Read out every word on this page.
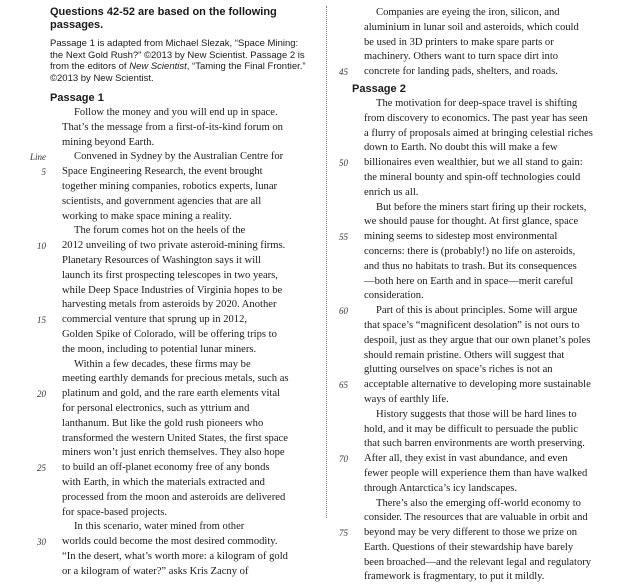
Questions 42-52 are based on the following passages.

Passage 1 is adapted from Michael Slezak, “Space Mining: the Next Gold Rush?” ©2013 by New Scientist. Passage 2 is from the editors of New Scientist, “Taming the Final Frontier.” ©2013 by New Scientist.

Passage 1

Follow the money and you will end up in space.
That’s the message from a first-of-its-kind forum on
mining beyond Earth.
Line	Convened in Sydney by the Australian Centre for
5 Space Engineering Research, the event brought
together mining companies, robotics experts, lunar
scientists, and government agencies that are all
working to make space mining a reality.
The forum comes hot on the heels of the
10 2012 unveiling of two private asteroid-mining firms.
Planetary Resources of Washington says it will
launch its first prospecting telescopes in two years,
while Deep Space Industries of Virginia hopes to be
harvesting metals from asteroids by 2020. Another
15 commercial venture that sprung up in 2012,
Golden Spike of Colorado, will be offering trips to
the moon, including to potential lunar miners.
Within a few decades, these firms may be
meeting earthly demands for precious metals, such as
20 platinum and gold, and the rare earth elements vital
for personal electronics, such as yttrium and
lanthanum. But like the gold rush pioneers who
transformed the western United States, the first space
miners won’t just enrich themselves. They also hope
25 to build an off-planet economy free of any bonds
with Earth, in which the materials extracted and
processed from the moon and asteroids are delivered
for space-based projects.
In this scenario, water mined from other
30 worlds could become the most desired commodity.
“In the desert, what’s worth more: a kilogram of gold
or a kilogram of water?” asks Kris Zacny of
Companies are eyeing the iron, silicon, and
aluminium in lunar soil and asteroids, which could
be used in 3D printers to make spare parts or
machinery. Others want to turn space dirt into
45 concrete for landing pads, shelters, and roads.

Passage 2

The motivation for deep-space travel is shifting
from discovery to economics. The past year has seen
a flurry of proposals aimed at bringing celestial riches
down to Earth. No doubt this will make a few
50 billionaires even wealthier, but we all stand to gain:
the mineral bounty and spin-off technologies could
enrich us all.
But before the miners start firing up their rockets,
we should pause for thought. At first glance, space
55 mining seems to sidestep most environmental
concerns: there is (probably!) no life on asteroids,
and thus no habitats to trash. But its consequences
—both here on Earth and in space—merit careful
consideration.
60	Part of this is about principles. Some will argue
that space’s “magnificent desolation” is not ours to
despoil, just as they argue that our own planet’s poles
should remain pristine. Others will suggest that
glutting ourselves on space’s riches is not an
65 acceptable alternative to developing more sustainable
ways of earthly life.
History suggests that those will be hard lines to
hold, and it may be difficult to persuade the public
that such barren environments are worth preserving.
70 After all, they exist in vast abundance, and even
fewer people will experience them than have walked
through Antarctica’s icy landscapes.
There’s also the emerging off-world economy to
consider. The resources that are valuable in orbit and
75 beyond may be very different to those we prize on
Earth. Questions of their stewardship have barely
been broached—and the relevant legal and regulatory
framework is fragmentary, to put it mildly.
